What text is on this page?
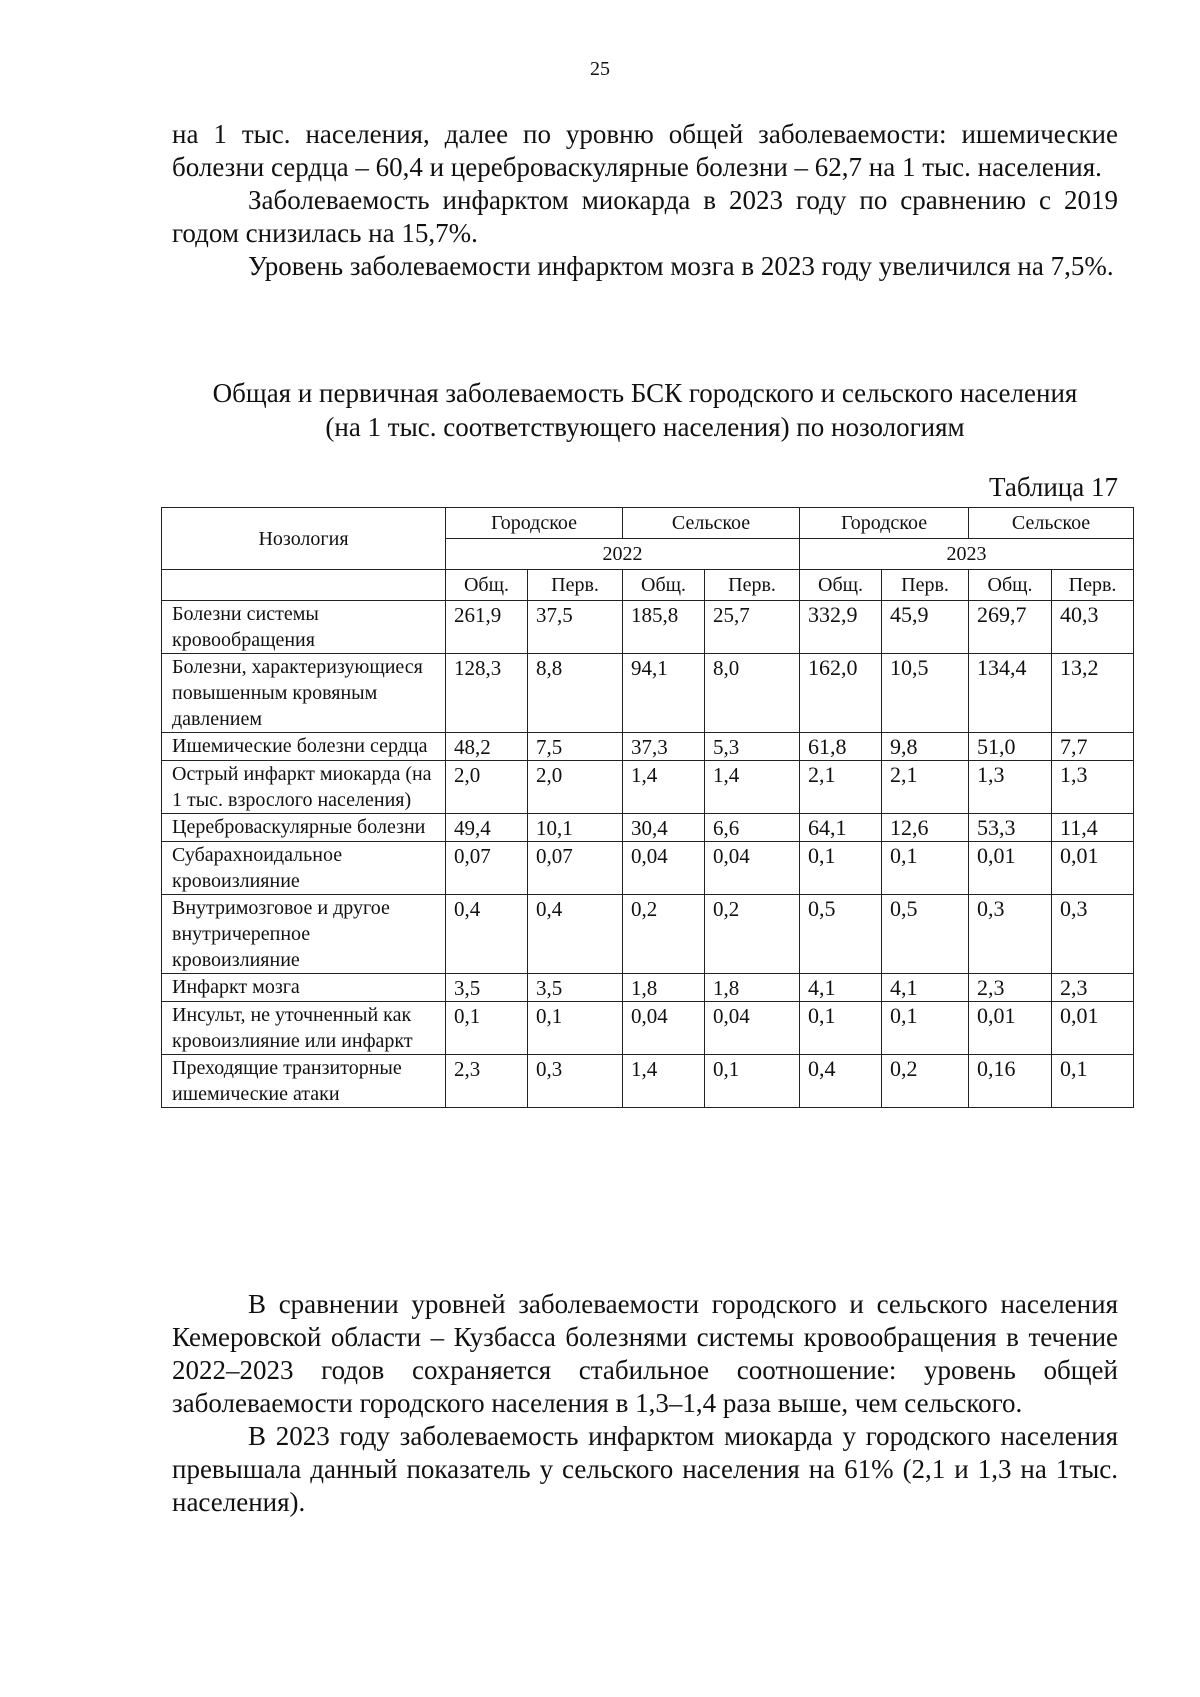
25

на 1 тыс. населения, далее по уровню общей заболеваемости: ишемические болезни сердца – 60,4 и цереброваскулярные болезни – 62,7 на 1 тыс. населения.

Заболеваемость инфарктом миокарда в 2023 году по сравнению с 2019 годом снизилась на 15,7%.

Уровень заболеваемости инфарктом мозга в 2023 году увеличился на 7,5%.

Общая и первичная заболеваемость БСК городского и сельского населения
(на 1 тыс. соответствующего населения) по нозологиям
Таблица 17
Нозология	Городское		Сельское		Городское		Сельское	
	2022				2023			
	Общ.	Перв.	Общ.	Перв.	Общ.	Перв.	Общ.	Перв.
Болезни системы кровообращения	261,9	37,5	185,8	25,7	332,9	45,9	269,7	40,3
Болезни, характеризующиеся повышенным кровяным давлением	128,3	8,8	94,1	8,0	162,0	10,5	134,4	13,2
Ишемические болезни сердца	48,2	7,5	37,3	5,3	61,8	9,8	51,0	7,7
Острый инфаркт миокарда (на 1 тыс. взрослого населения)	2,0	2,0	1,4	1,4	2,1	2,1	1,3	1,3
Цереброваскулярные болезни	49,4	10,1	30,4	6,6	64,1	12,6	53,3	11,4
Субарахноидальное кровоизлияние	0,07	0,07	0,04	0,04	0,1	0,1	0,01	0,01
Внутримозговое и другое внутричерепное кровоизлияние	0,4	0,4	0,2	0,2	0,5	0,5	0,3	0,3
Инфаркт мозга	3,5	3,5	1,8	1,8	4,1	4,1	2,3	2,3
Инсульт, не уточненный как кровоизлияние или инфаркт	0,1	0,1	0,04	0,04	0,1	0,1	0,01	0,01
Преходящие транзиторные ишемические атаки	2,3	0,3	1,4	0,1	0,4	0,2	0,16	0,1

В сравнении уровней заболеваемости городского и сельского населения Кемеровской области – Кузбасса болезнями системы кровообращения в течение 2022–2023 годов сохраняется стабильное соотношение: уровень общей заболеваемости городского населения в 1,3–1,4 раза выше, чем сельского.

В 2023 году заболеваемость инфарктом миокарда у городского населения превышала данный показатель у сельского населения на 61% (2,1 и 1,3 на 1тыс. населения).
